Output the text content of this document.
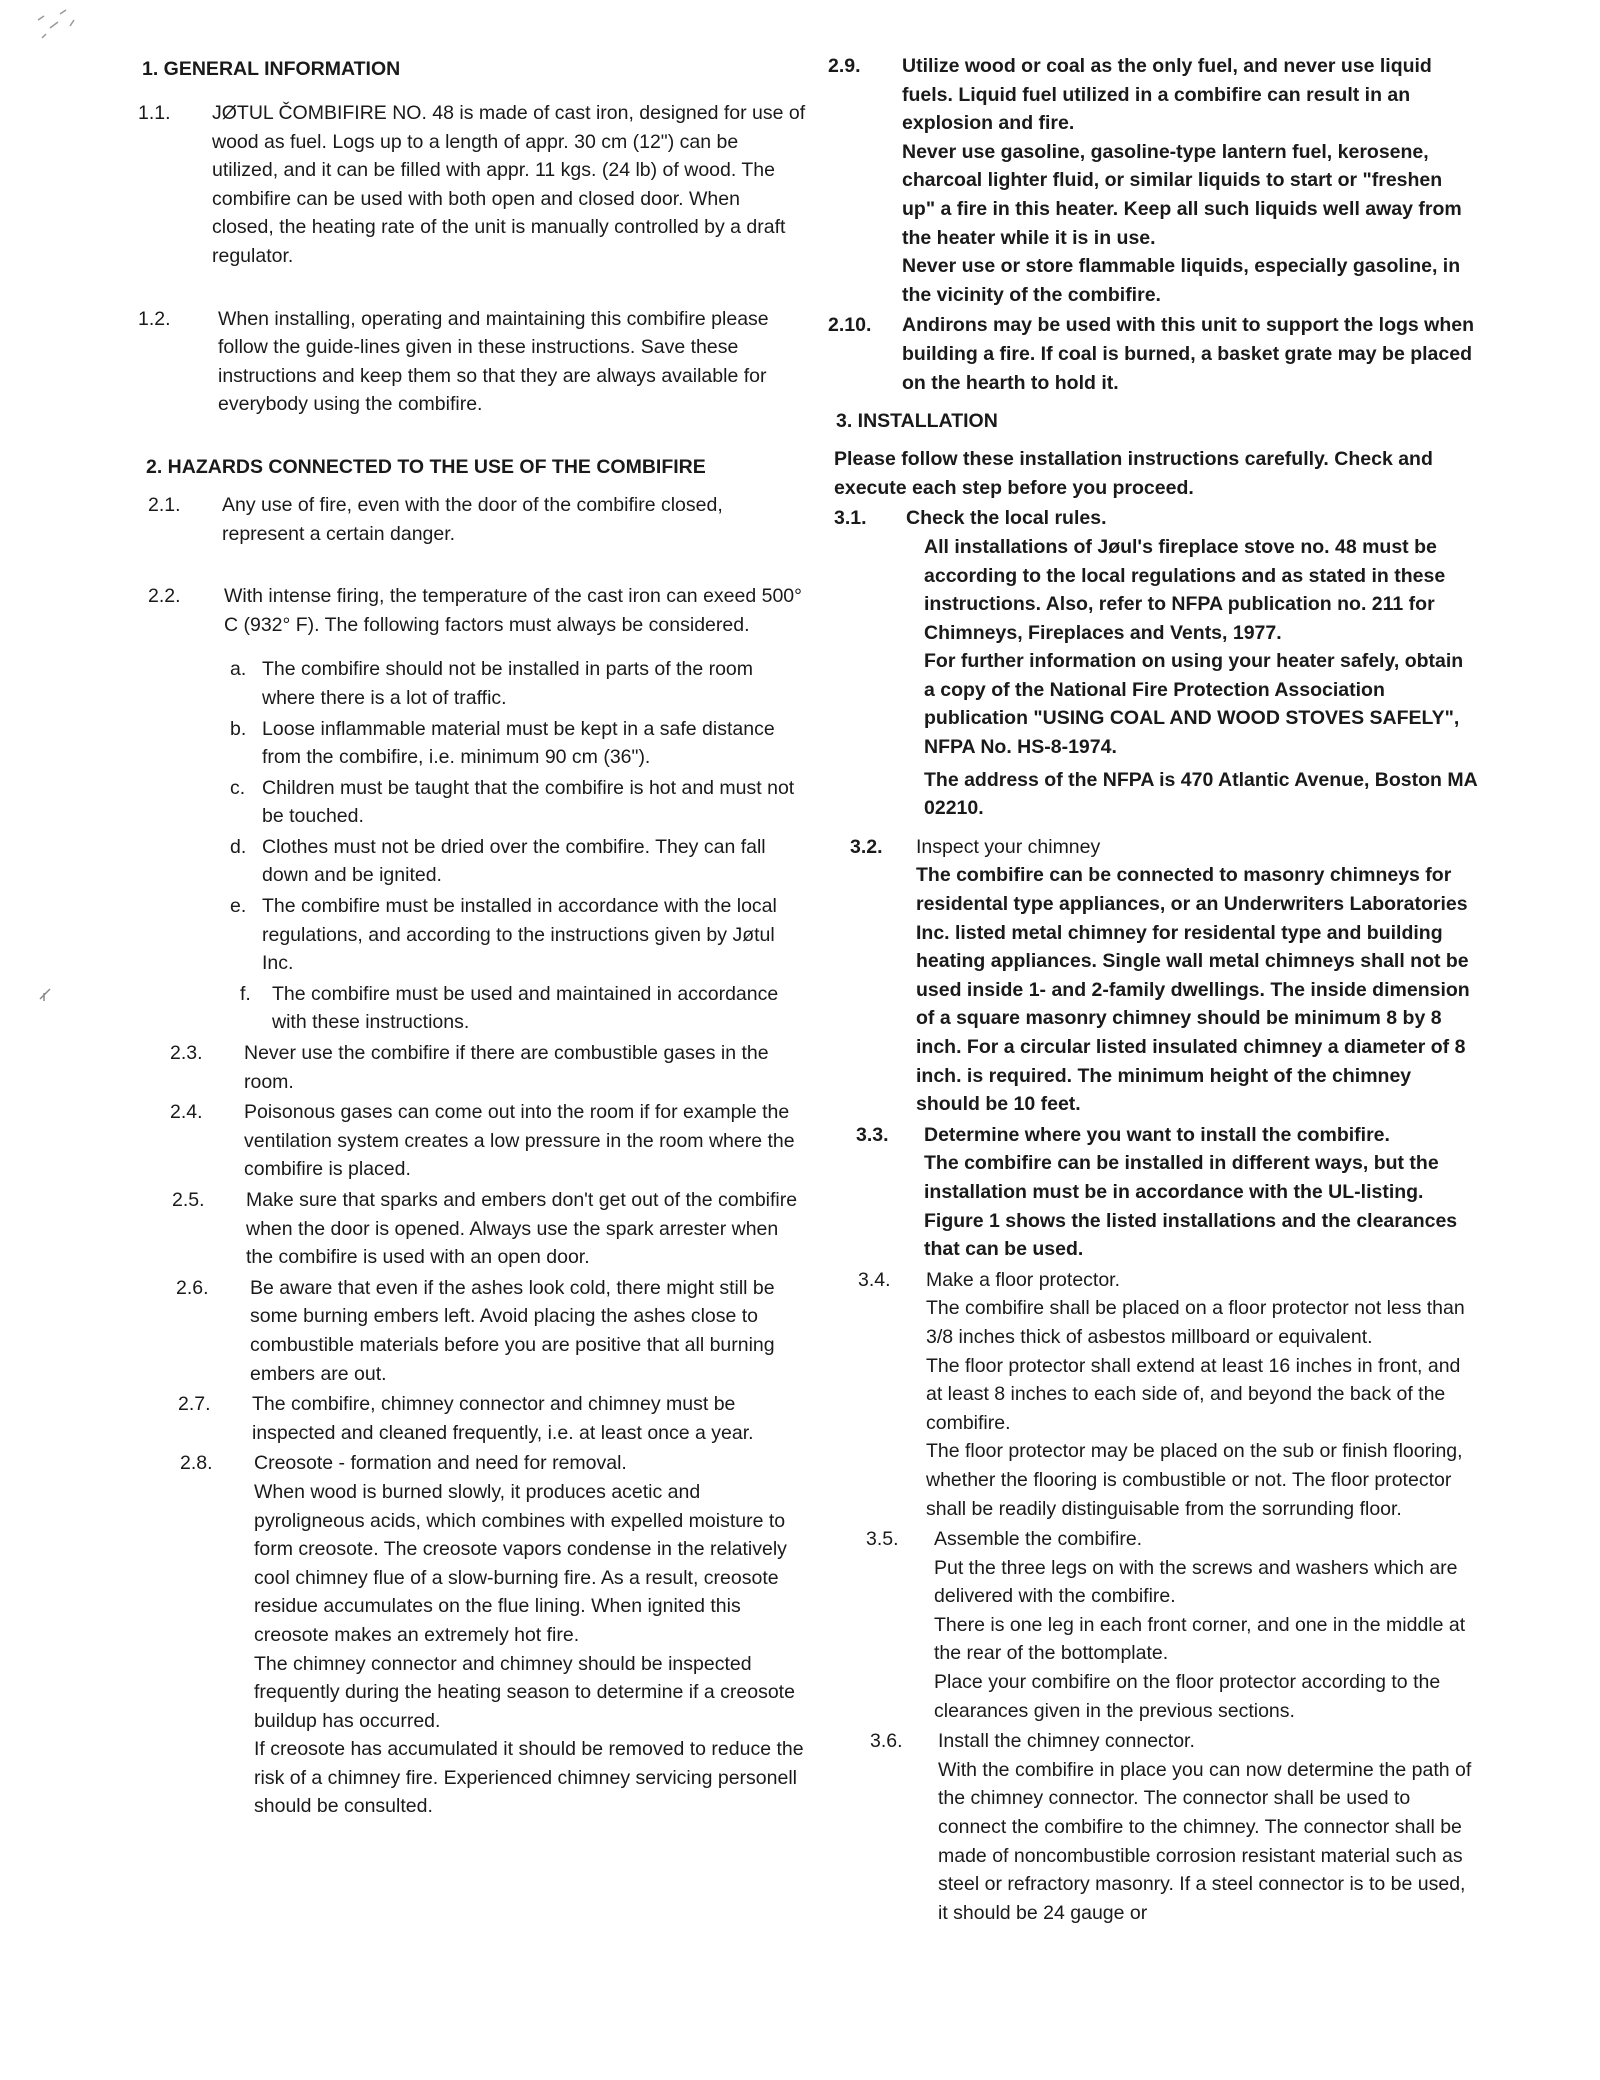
1. GENERAL INFORMATION

1.1. JØTUL ČOMBIFIRE NO. 48 is made of cast iron, designed for use of wood as fuel. Logs up to a length of appr. 30 cm (12") can be utilized, and it can be filled with appr. 11 kgs. (24 lb) of wood. The combifire can be used with both open and closed door. When closed, the heating rate of the unit is manually controlled by a draft regulator.
1.2. When installing, operating and maintaining this combifire please follow the guide-lines given in these instructions. Save these instructions and keep them so that they are always available for everybody using the combifire.

2. HAZARDS CONNECTED TO THE USE OF THE COMBIFIRE

2.1. Any use of fire, even with the door of the combifire closed, represent a certain danger.
2.2. With intense firing, the temperature of the cast iron can exeed 500° C (932° F). The following factors must always be considered.
a. The combifire should not be installed in parts of the room where there is a lot of traffic.
b. Loose inflammable material must be kept in a safe distance from the combifire, i.e. minimum 90 cm (36").
c. Children must be taught that the combifire is hot and must not be touched.
d. Clothes must not be dried over the combifire. They can fall down and be ignited.
e. The combifire must be installed in accordance with the local regulations, and according to the instructions given by Jøtul Inc.
f. The combifire must be used and maintained in accordance with these instructions.
2.3. Never use the combifire if there are combustible gases in the room.
2.4. Poisonous gases can come out into the room if for example the ventilation system creates a low pressure in the room where the combifire is placed.
2.5. Make sure that sparks and embers don't get out of the combifire when the door is opened. Always use the spark arrester when the combifire is used with an open door.
2.6. Be aware that even if the ashes look cold, there might still be some burning embers left. Avoid placing the ashes close to combustible materials before you are positive that all burning embers are out.
2.7. The combifire, chimney connector and chimney must be inspected and cleaned frequently, i.e. at least once a year.
2.8. Creosote - formation and need for removal.
When wood is burned slowly, it produces acetic and pyroligneous acids, which combines with expelled moisture to form creosote. The creosote vapors condense in the relatively cool chimney flue of a slow-burning fire. As a result, creosote residue accumulates on the flue lining. When ignited this creosote makes an extremely hot fire.
The chimney connector and chimney should be inspected frequently during the heating season to determine if a creosote buildup has occurred.
If creosote has accumulated it should be removed to reduce the risk of a chimney fire. Experienced chimney servicing personell should be consulted.
2.9. Utilize wood or coal as the only fuel, and never use liquid fuels. Liquid fuel utilized in a combifire can result in an explosion and fire.
Never use gasoline, gasoline-type lantern fuel, kerosene, charcoal lighter fluid, or similar liquids to start or "freshen up" a fire in this heater. Keep all such liquids well away from the heater while it is in use.
Never use or store flammable liquids, especially gasoline, in the vicinity of the combifire.
2.10. Andirons may be used with this unit to support the logs when building a fire. If coal is burned, a basket grate may be placed on the hearth to hold it.

3. INSTALLATION

Please follow these installation instructions carefully. Check and execute each step before you proceed.
3.1. Check the local rules.
All installations of Jøul's fireplace stove no. 48 must be according to the local regulations and as stated in these instructions. Also, refer to NFPA publication no. 211 for Chimneys, Fireplaces and Vents, 1977.
For further information on using your heater safely, obtain a copy of the National Fire Protection Association publication "USING COAL AND WOOD STOVES SAFELY", NFPA No. HS-8-1974.
The address of the NFPA is 470 Atlantic Avenue, Boston MA 02210.
3.2. Inspect your chimney
The combifire can be connected to masonry chimneys for residental type appliances, or an Underwriters Laboratories Inc. listed metal chimney for residental type and building heating appliances. Single wall metal chimneys shall not be used inside 1- and 2-family dwellings. The inside dimension of a square masonry chimney should be minimum 8 by 8 inch. For a circular listed insulated chimney a diameter of 8 inch. is required. The minimum height of the chimney should be 10 feet.
3.3. Determine where you want to install the combifire.
The combifire can be installed in different ways, but the installation must be in accordance with the UL-listing. Figure 1 shows the listed installations and the clearances that can be used.
3.4. Make a floor protector.
The combifire shall be placed on a floor protector not less than 3/8 inches thick of asbestos millboard or equivalent.
The floor protector shall extend at least 16 inches in front, and at least 8 inches to each side of, and beyond the back of the combifire.
The floor protector may be placed on the sub or finish flooring, whether the flooring is combustible or not. The floor protector shall be readily distinguisable from the sorrunding floor.
3.5. Assemble the combifire.
Put the three legs on with the screws and washers which are delivered with the combifire.
There is one leg in each front corner, and one in the middle at the rear of the bottomplate.
Place your combifire on the floor protector according to the clearances given in the previous sections.
3.6. Install the chimney connector.
With the combifire in place you can now determine the path of the chimney connector. The connector shall be used to connect the combifire to the chimney. The connector shall be made of noncombustible corrosion resistant material such as steel or refractory masonry. If a steel connector is to be used, it should be 24 gauge or
